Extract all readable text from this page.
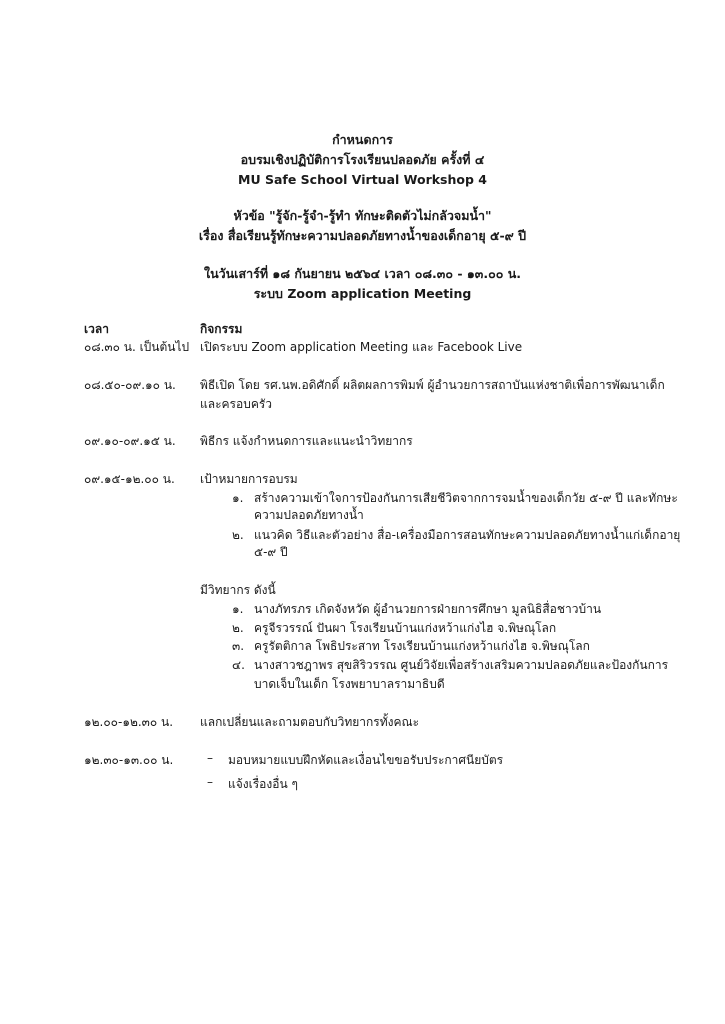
กำหนดการ
อบรมเชิงปฏิบัติการโรงเรียนปลอดภัย ครั้งที่ ๔
MU Safe School Virtual Workshop 4
หัวข้อ "รู้จัก-รู้จำ-รู้ทำ ทักษะติดตัวไม่กลัวจมน้ำ"
เรื่อง สื่อเรียนรู้ทักษะความปลอดภัยทางน้ำของเด็กอายุ ๕-๙ ปี
ในวันเสาร์ที่ ๑๘ กันยายน ๒๕๖๔ เวลา ๐๘.๓๐ - ๑๓.๐๐ น.
ระบบ Zoom application Meeting
เวลา	กิจกรรม
๐๘.๓๐ น. เป็นต้นไป เปิดระบบ Zoom application Meeting และ Facebook Live
๐๘.๕๐-๐๙.๑๐ น. พิธีเปิด โดย รศ.นพ.อดิศักดิ์ ผลิตผลการพิมพ์ ผู้อำนวยการสถาบันแห่งชาติเพื่อการพัฒนาเด็ก
และครอบครัว
๐๙.๑๐-๐๙.๑๕ น. พิธีกร แจ้งกำหนดการและแนะนำวิทยากร
๐๙.๑๕-๑๒.๐๐ น. เป้าหมายการอบรม
๑. สร้างความเข้าใจการป้องกันการเสียชีวิตจากการจมน้ำของเด็กวัย ๕-๙ ปี และทักษะ
ความปลอดภัยทางน้ำ
๒. แนวคิด วิธีและตัวอย่าง สื่อ-เครื่องมือการสอนทักษะความปลอดภัยทางน้ำแก่เด็กอายุ
๕-๙ ปี
มีวิทยากร ดังนี้
๑. นางภัทรภร เกิดจังหวัด ผู้อำนวยการฝ่ายการศึกษา มูลนิธิสื่อชาวบ้าน
๒. ครูจีรวรรณ์ ปันผา โรงเรียนบ้านแก่งหว้าแก่งไฮ จ.พิษณุโลก
๓. ครูรัตติกาล โพธิประสาท โรงเรียนบ้านแก่งหว้าแก่งไฮ จ.พิษณุโลก
๔. นางสาวชฎาพร สุขสิริวรรณ ศูนย์วิจัยเพื่อสร้างเสริมความปลอดภัยและป้องกันการ
บาดเจ็บในเด็ก โรงพยาบาลรามาธิบดี
๑๒.๐๐-๑๒.๓๐ น. แลกเปลี่ยนและถามตอบกับวิทยากรทั้งคณะ
๑๒.๓๐-๑๓.๐๐ น.	– มอบหมายแบบฝึกหัดและเงื่อนไขขอรับประกาศนียบัตร
– แจ้งเรื่องอื่น ๆ
